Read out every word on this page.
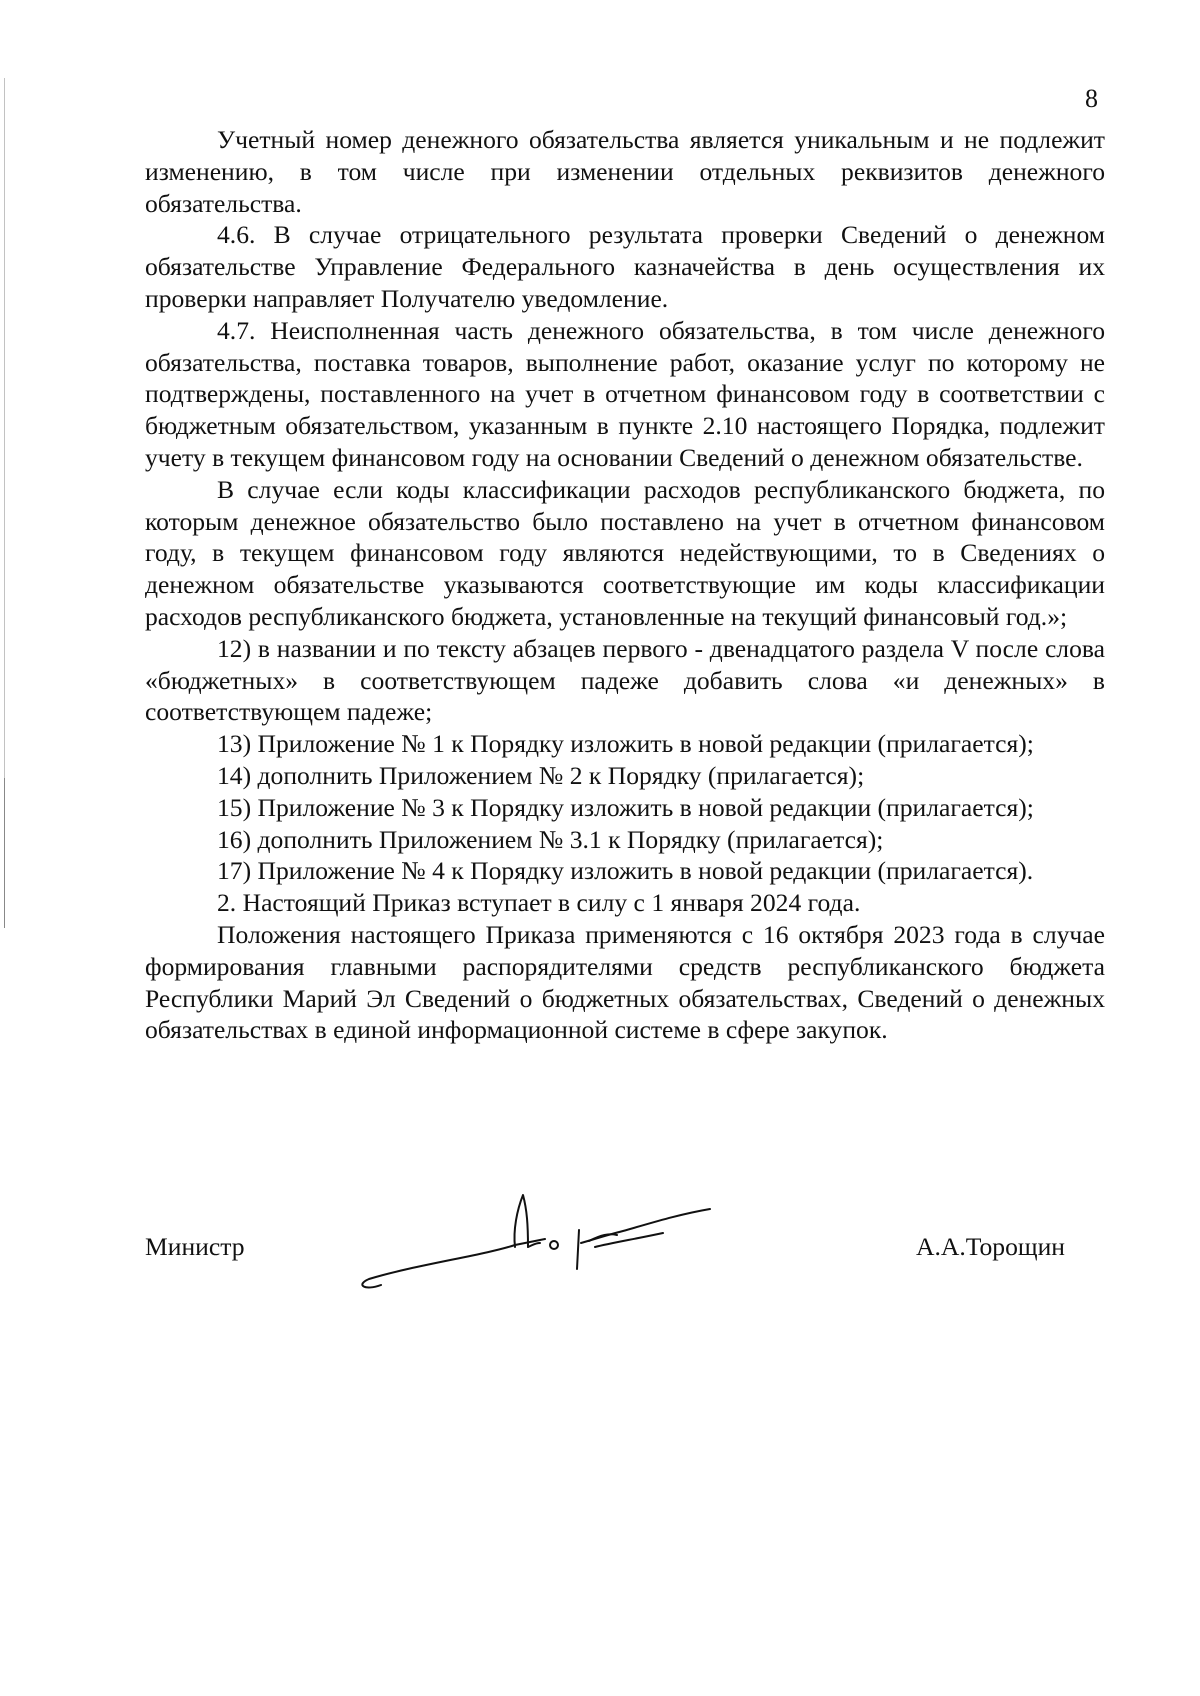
8

Учетный номер денежного обязательства является уникальным и не подлежит изменению, в том числе при изменении отдельных реквизитов денежного обязательства.

4.6. В случае отрицательного результата проверки Сведений о денежном обязательстве Управление Федерального казначейства в день осуществления их проверки направляет Получателю уведомление.

4.7. Неисполненная часть денежного обязательства, в том числе денежного обязательства, поставка товаров, выполнение работ, оказание услуг по которому не подтверждены, поставленного на учет в отчетном финансовом году в соответствии с бюджетным обязательством, указанным в пункте 2.10 настоящего Порядка, подлежит учету в текущем финансовом году на основании Сведений о денежном обязательстве.

В случае если коды классификации расходов республиканского бюджета, по которым денежное обязательство было поставлено на учет в отчетном финансовом году, в текущем финансовом году являются недействующими, то в Сведениях о денежном обязательстве указываются соответствующие им коды классификации расходов республиканского бюджета, установленные на текущий финансовый год.»;

12) в названии и по тексту абзацев первого - двенадцатого раздела V после слова «бюджетных» в соответствующем падеже добавить слова «и денежных» в соответствующем падеже;

13) Приложение № 1 к Порядку изложить в новой редакции (прилагается);

14) дополнить Приложением № 2 к Порядку (прилагается);

15) Приложение № 3 к Порядку изложить в новой редакции (прилагается);

16) дополнить Приложением № 3.1 к Порядку (прилагается);

17) Приложение № 4 к Порядку изложить в новой редакции (прилагается).

2. Настоящий Приказ вступает в силу с 1 января 2024 года.

Положения настоящего Приказа применяются с 16 октября 2023 года в случае формирования главными распорядителями средств республиканского бюджета Республики Марий Эл Сведений о бюджетных обязательствах, Сведений о денежных обязательствах в единой информационной системе в сфере закупок.

Министр	А.А.Торощин
